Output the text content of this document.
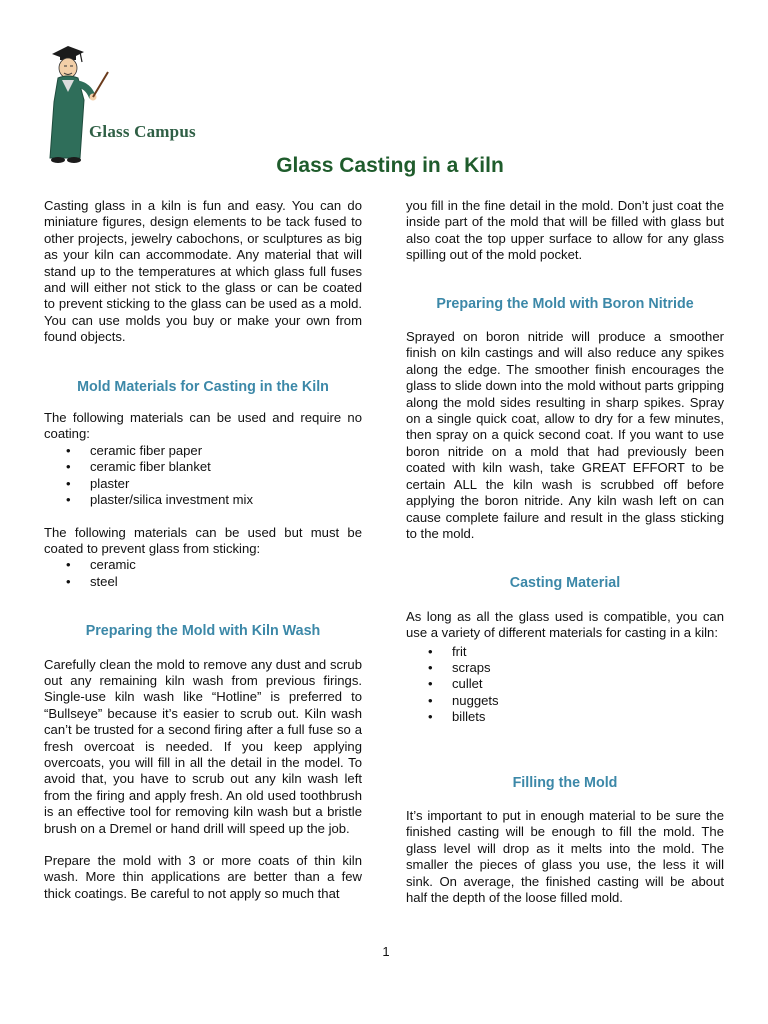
Glass Campus
Glass Casting in a Kiln

Casting glass in a kiln is fun and easy. You can do miniature figures, design elements to be tack fused to other projects, jewelry cabochons, or sculptures as big as your kiln can accommodate. Any material that will stand up to the temperatures at which glass full fuses and will either not stick to the glass or can be coated to prevent sticking to the glass can be used as a mold. You can use molds you buy or make your own from found objects.

Mold Materials for Casting in the Kiln

The following materials can be used and require no coating:

• ceramic fiber paper
• ceramic fiber blanket
• plaster
• plaster/silica investment mix

The following materials can be used but must be coated to prevent glass from sticking:

• ceramic
• steel
Preparing the Mold with Kiln Wash

Carefully clean the mold to remove any dust and scrub out any remaining kiln wash from previous firings. Single-use kiln wash like “Hotline” is preferred to “Bullseye” because it’s easier to scrub out. Kiln wash can’t be trusted for a second firing after a full fuse so a fresh overcoat is needed. If you keep applying overcoats, you will fill in all the detail in the model. To avoid that, you have to scrub out any kiln wash left from the firing and apply fresh. An old used toothbrush is an effective tool for removing kiln wash but a bristle brush on a Dremel or hand drill will speed up the job.

Prepare the mold with 3 or more coats of thin kiln wash. More thin applications are better than a few thick coatings. Be careful to not apply so much that

you fill in the fine detail in the mold. Don’t just coat the inside part of the mold that will be filled with glass but also coat the top upper surface to allow for any glass spilling out of the mold pocket.

Preparing the Mold with Boron Nitride

Sprayed on boron nitride will produce a smoother finish on kiln castings and will also reduce any spikes along the edge. The smoother finish encourages the glass to slide down into the mold without parts gripping along the mold sides resulting in sharp spikes. Spray on a single quick coat, allow to dry for a few minutes, then spray on a quick second coat. If you want to use boron nitride on a mold that had previously been coated with kiln wash, take GREAT EFFORT to be certain ALL the kiln wash is scrubbed off before applying the boron nitride. Any kiln wash left on can cause complete failure and result in the glass sticking to the mold.

Casting Material

As long as all the glass used is compatible, you can use a variety of different materials for casting in a kiln:

• frit
• scraps
• cullet
• nuggets
• billets
Filling the Mold

It’s important to put in enough material to be sure the finished casting will be enough to fill the mold. The glass level will drop as it melts into the mold. The smaller the pieces of glass you use, the less it will sink. On average, the finished casting will be about half the depth of the loose filled mold.

1
